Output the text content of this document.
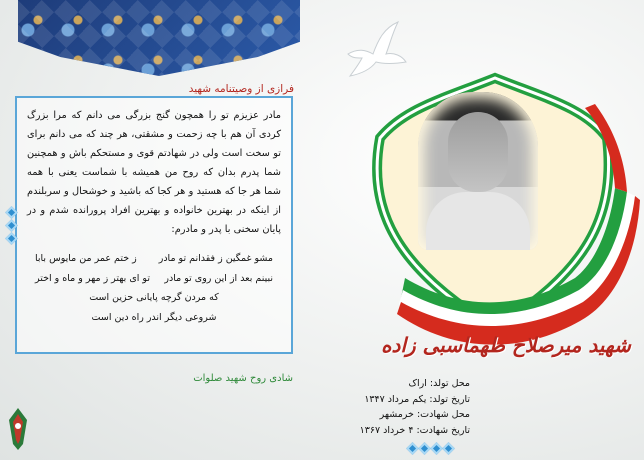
فرازی از وصیتنامه شهید

مادر عزیزم تو را همچون گنج بزرگی می دانم که مرا بزرگ کردی آن هم با چه زحمت و مشقتی، هر چند که می دانم برای تو سخت است ولی در شهادتم قوی و مستحکم باش و همچنین شما پدرم بدان که روح من همیشه با شماست یعنی با همه شما هر جا که هستید و هر کجا که باشید و خوشحال و سربلندم از اینکه در بهترین خانواده و بهترین افراد پرورانده شدم و در پایان سخنی با پدر و مادرم:

مشو غمگین ز فقدانم تو مادر
ز ختم عمر من مایوس بابا
نبینم بعد از این روی تو مادر
تو ای بهتر ز مهر و ماه و اختر
که مردن گرچه پایانی حزین است
شروعی دیگر اندر راه دین است
شادی روح شهید صلوات
شهید میرصلاح طهماسبی زاده

محل تولد: اراک

تاریخ تولد: یکم مرداد ۱۳۴۷

محل شهادت: خرمشهر

تاریخ شهادت: ۴ خرداد ۱۳۶۷
